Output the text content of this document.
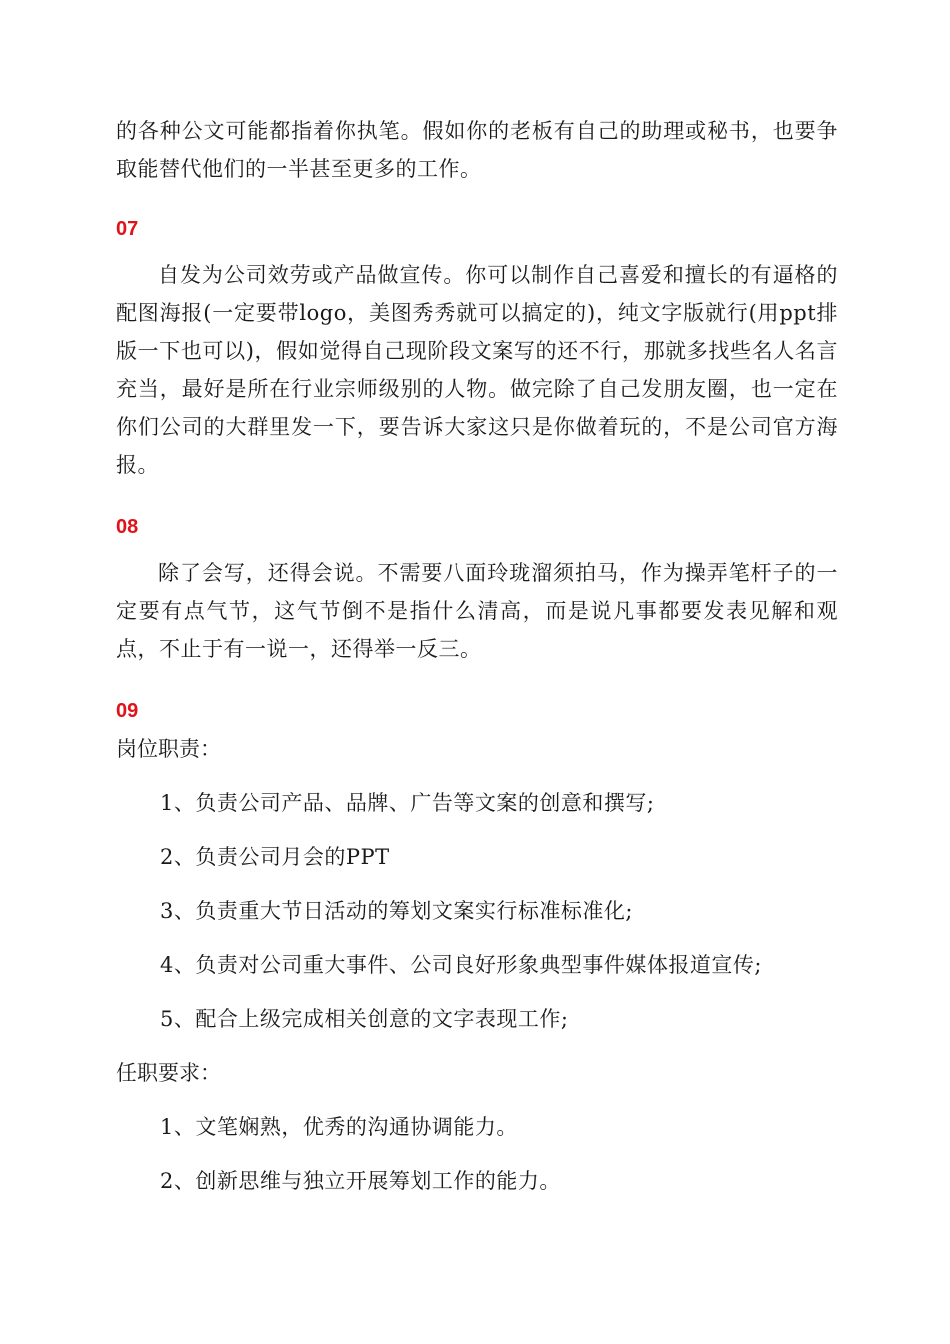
的各种公文可能都指着你执笔。假如你的老板有自己的助理或秘书，也要争取能替代他们的一半甚至更多的工作。

07

自发为公司效劳或产品做宣传。你可以制作自己喜爱和擅长的有逼格的配图海报(一定要带logo，美图秀秀就可以搞定的)，纯文字版就行(用ppt排版一下也可以)，假如觉得自己现阶段文案写的还不行，那就多找些名人名言充当，最好是所在行业宗师级别的人物。做完除了自己发朋友圈，也一定在你们公司的大群里发一下，要告诉大家这只是你做着玩的，不是公司官方海报。

08

除了会写，还得会说。不需要八面玲珑溜须拍马，作为操弄笔杆子的一定要有点气节，这气节倒不是指什么清高，而是说凡事都要发表见解和观点，不止于有一说一，还得举一反三。

09
岗位职责：
1、负责公司产品、品牌、广告等文案的创意和撰写;
2、负责公司月会的PPT
3、负责重大节日活动的筹划文案实行标准标准化;
4、负责对公司重大事件、公司良好形象典型事件媒体报道宣传;
5、配合上级完成相关创意的文字表现工作;
任职要求：
1、文笔娴熟，优秀的沟通协调能力。
2、创新思维与独立开展筹划工作的能力。
